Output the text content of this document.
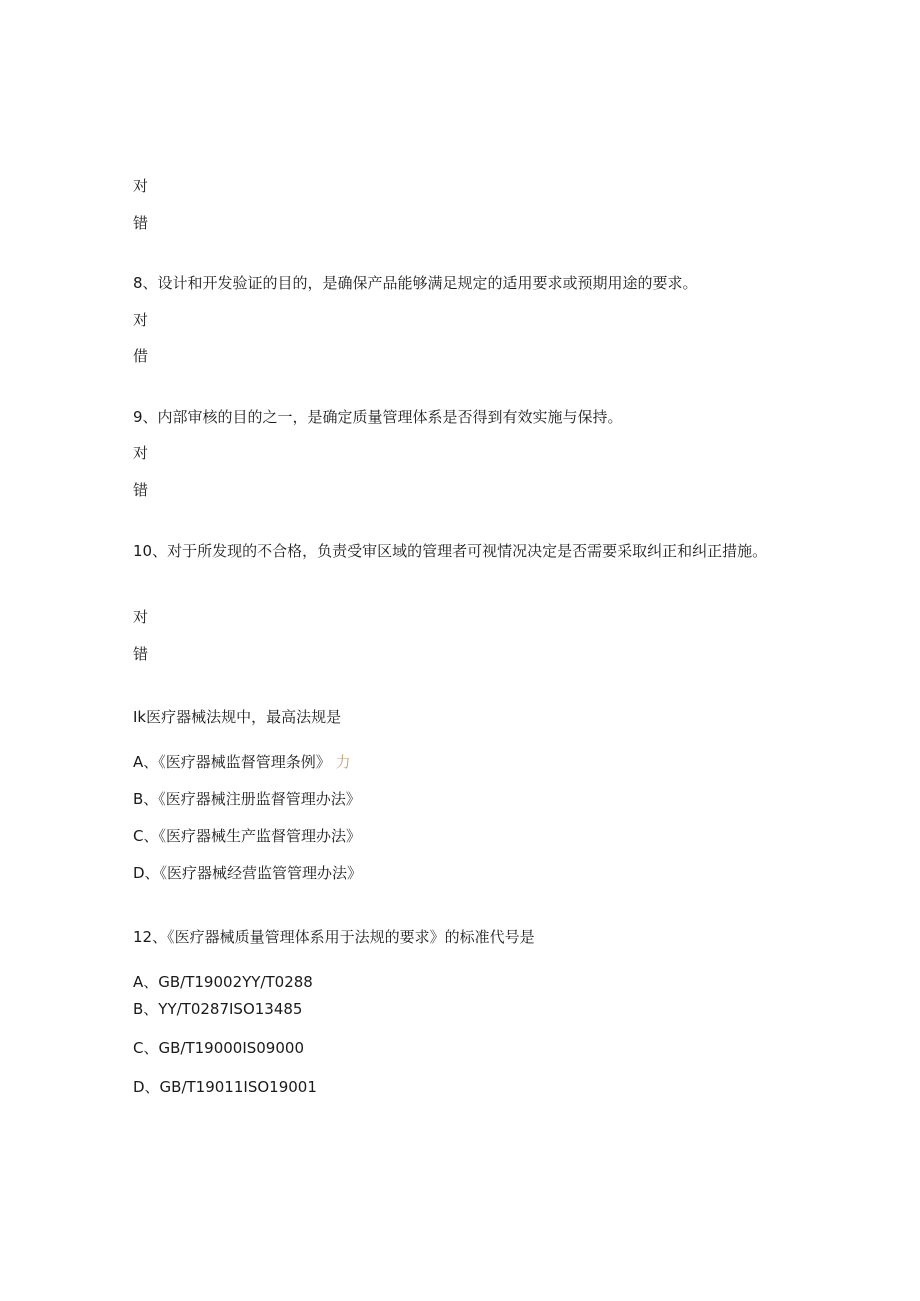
对
错
8、设计和开发验证的目的，是确保产品能够满足规定的适用要求或预期用途的要求。
对
借
9、内部审核的目的之一，是确定质量管理体系是否得到有效实施与保持。
对
错
10、对于所发现的不合格，负责受审区域的管理者可视情况决定是否需要采取纠正和纠正措施。
对
错
Ik医疗器械法规中，最高法规是
A、《医疗器械监督管理条例》 力
B、《医疗器械注册监督管理办法》
C、《医疗器械生产监督管理办法》
D、《医疗器械经营监管管理办法》
12、《医疗器械质量管理体系用于法规的要求》的标准代号是
A、GB/T19002YY/T0288
B、YY/T0287ISO13485
C、GB/T19000IS09000
D、GB/T19011ISO19001
